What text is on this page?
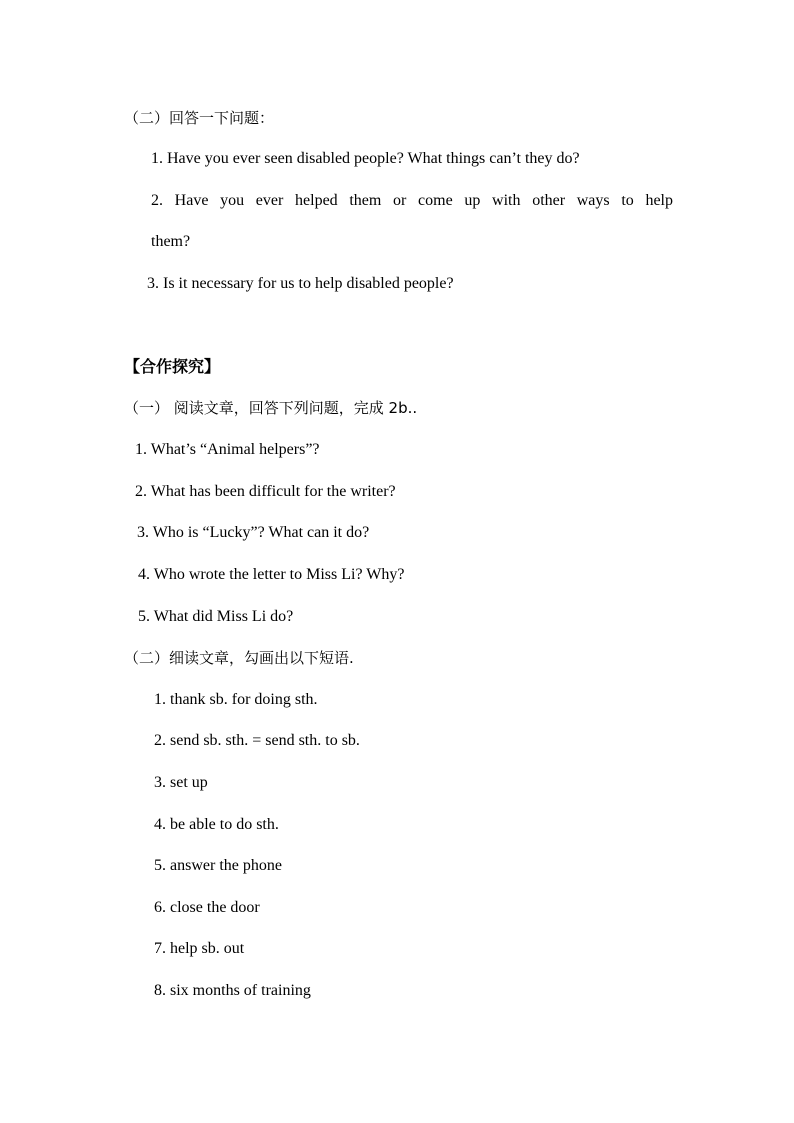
（二）回答一下问题：
1. Have you ever seen disabled people? What things can’t they do?
2. Have you ever helped them or come up with other ways to help
them?
3. Is it necessary for us to help disabled people?
【合作探究】
（一） 阅读文章，回答下列问题，完成 2b..
1. What’s “Animal helpers”?
2. What has been difficult for the writer?
3. Who is “Lucky”? What can it do?
4. Who wrote the letter to Miss Li? Why?
5. What did Miss Li do?
（二）细读文章，勾画出以下短语.
1. thank sb. for doing sth.
2. send sb. sth. = send sth. to sb.
3. set up
4. be able to do sth.
5. answer the phone
6. close the door
7. help sb. out
8. six months of training
